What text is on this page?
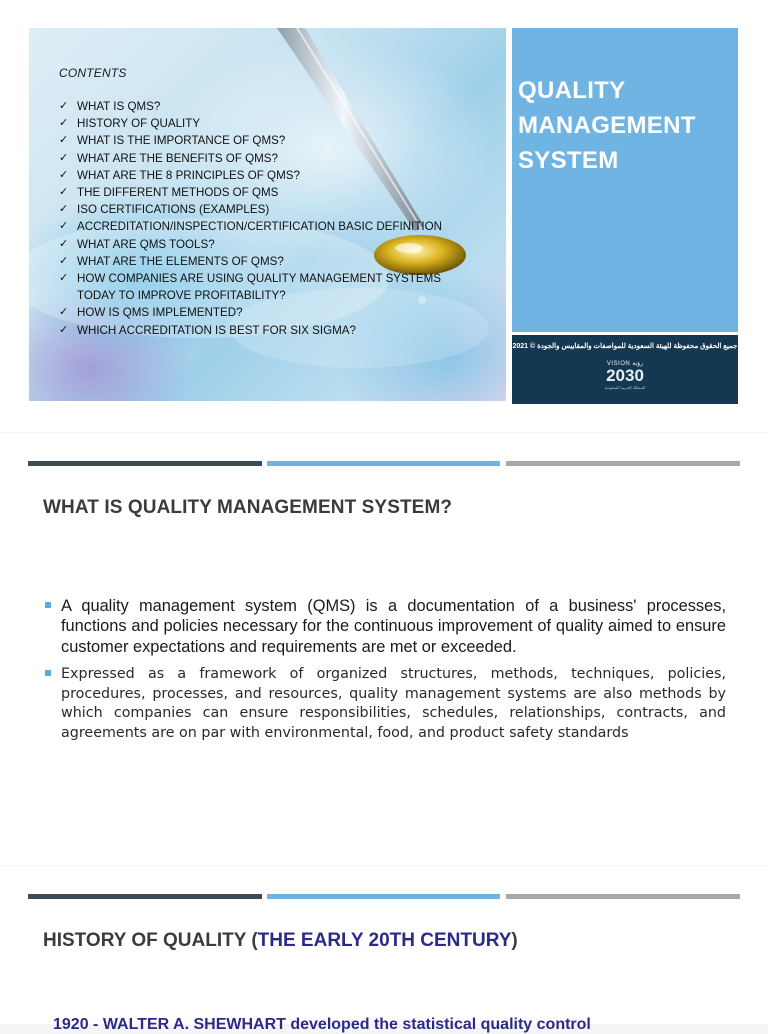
CONTENTS
✓ WHAT IS QMS?
✓ HISTORY OF QUALITY
✓ WHAT IS THE IMPORTANCE OF QMS?
✓ WHAT ARE THE BENEFITS OF QMS?
✓ WHAT ARE THE 8 PRINCIPLES OF QMS?
✓ THE DIFFERENT METHODS OF QMS
✓ ISO CERTIFICATIONS (EXAMPLES)
✓ ACCREDITATION/INSPECTION/CERTIFICATION BASIC DEFINITION
✓ WHAT ARE QMS TOOLS?
✓ WHAT ARE THE ELEMENTS OF QMS?
✓ HOW COMPANIES ARE USING QUALITY MANAGEMENT SYSTEMS
TODAY TO IMPROVE PROFITABILITY?
✓ HOW IS QMS IMPLEMENTED?
✓ WHICH ACCREDITATION IS BEST FOR SIX SIGMA?
QUALITY
MANAGEMENT
SYSTEM
جميع الحقوق محفوظة للهيئة السعودية للمواصفات والمقاييس والجودة © 2021
VISION رؤية
2030
المملكة العربية السعودية
WHAT IS QUALITY MANAGEMENT SYSTEM?
A quality management system (QMS) is a documentation of a business' processes, functions and policies necessary for the continuous improvement of quality aimed to ensure customer expectations and requirements are met or exceeded.
Expressed as a framework of organized structures, methods, techniques, policies, procedures, processes, and resources, quality management systems are also methods by which companies can ensure responsibilities, schedules, relationships, contracts, and agreements are on par with environmental, food, and product safety standards
HISTORY OF QUALITY (THE EARLY 20TH CENTURY)
1920 - WALTER A. SHEWHART developed the statistical quality control
